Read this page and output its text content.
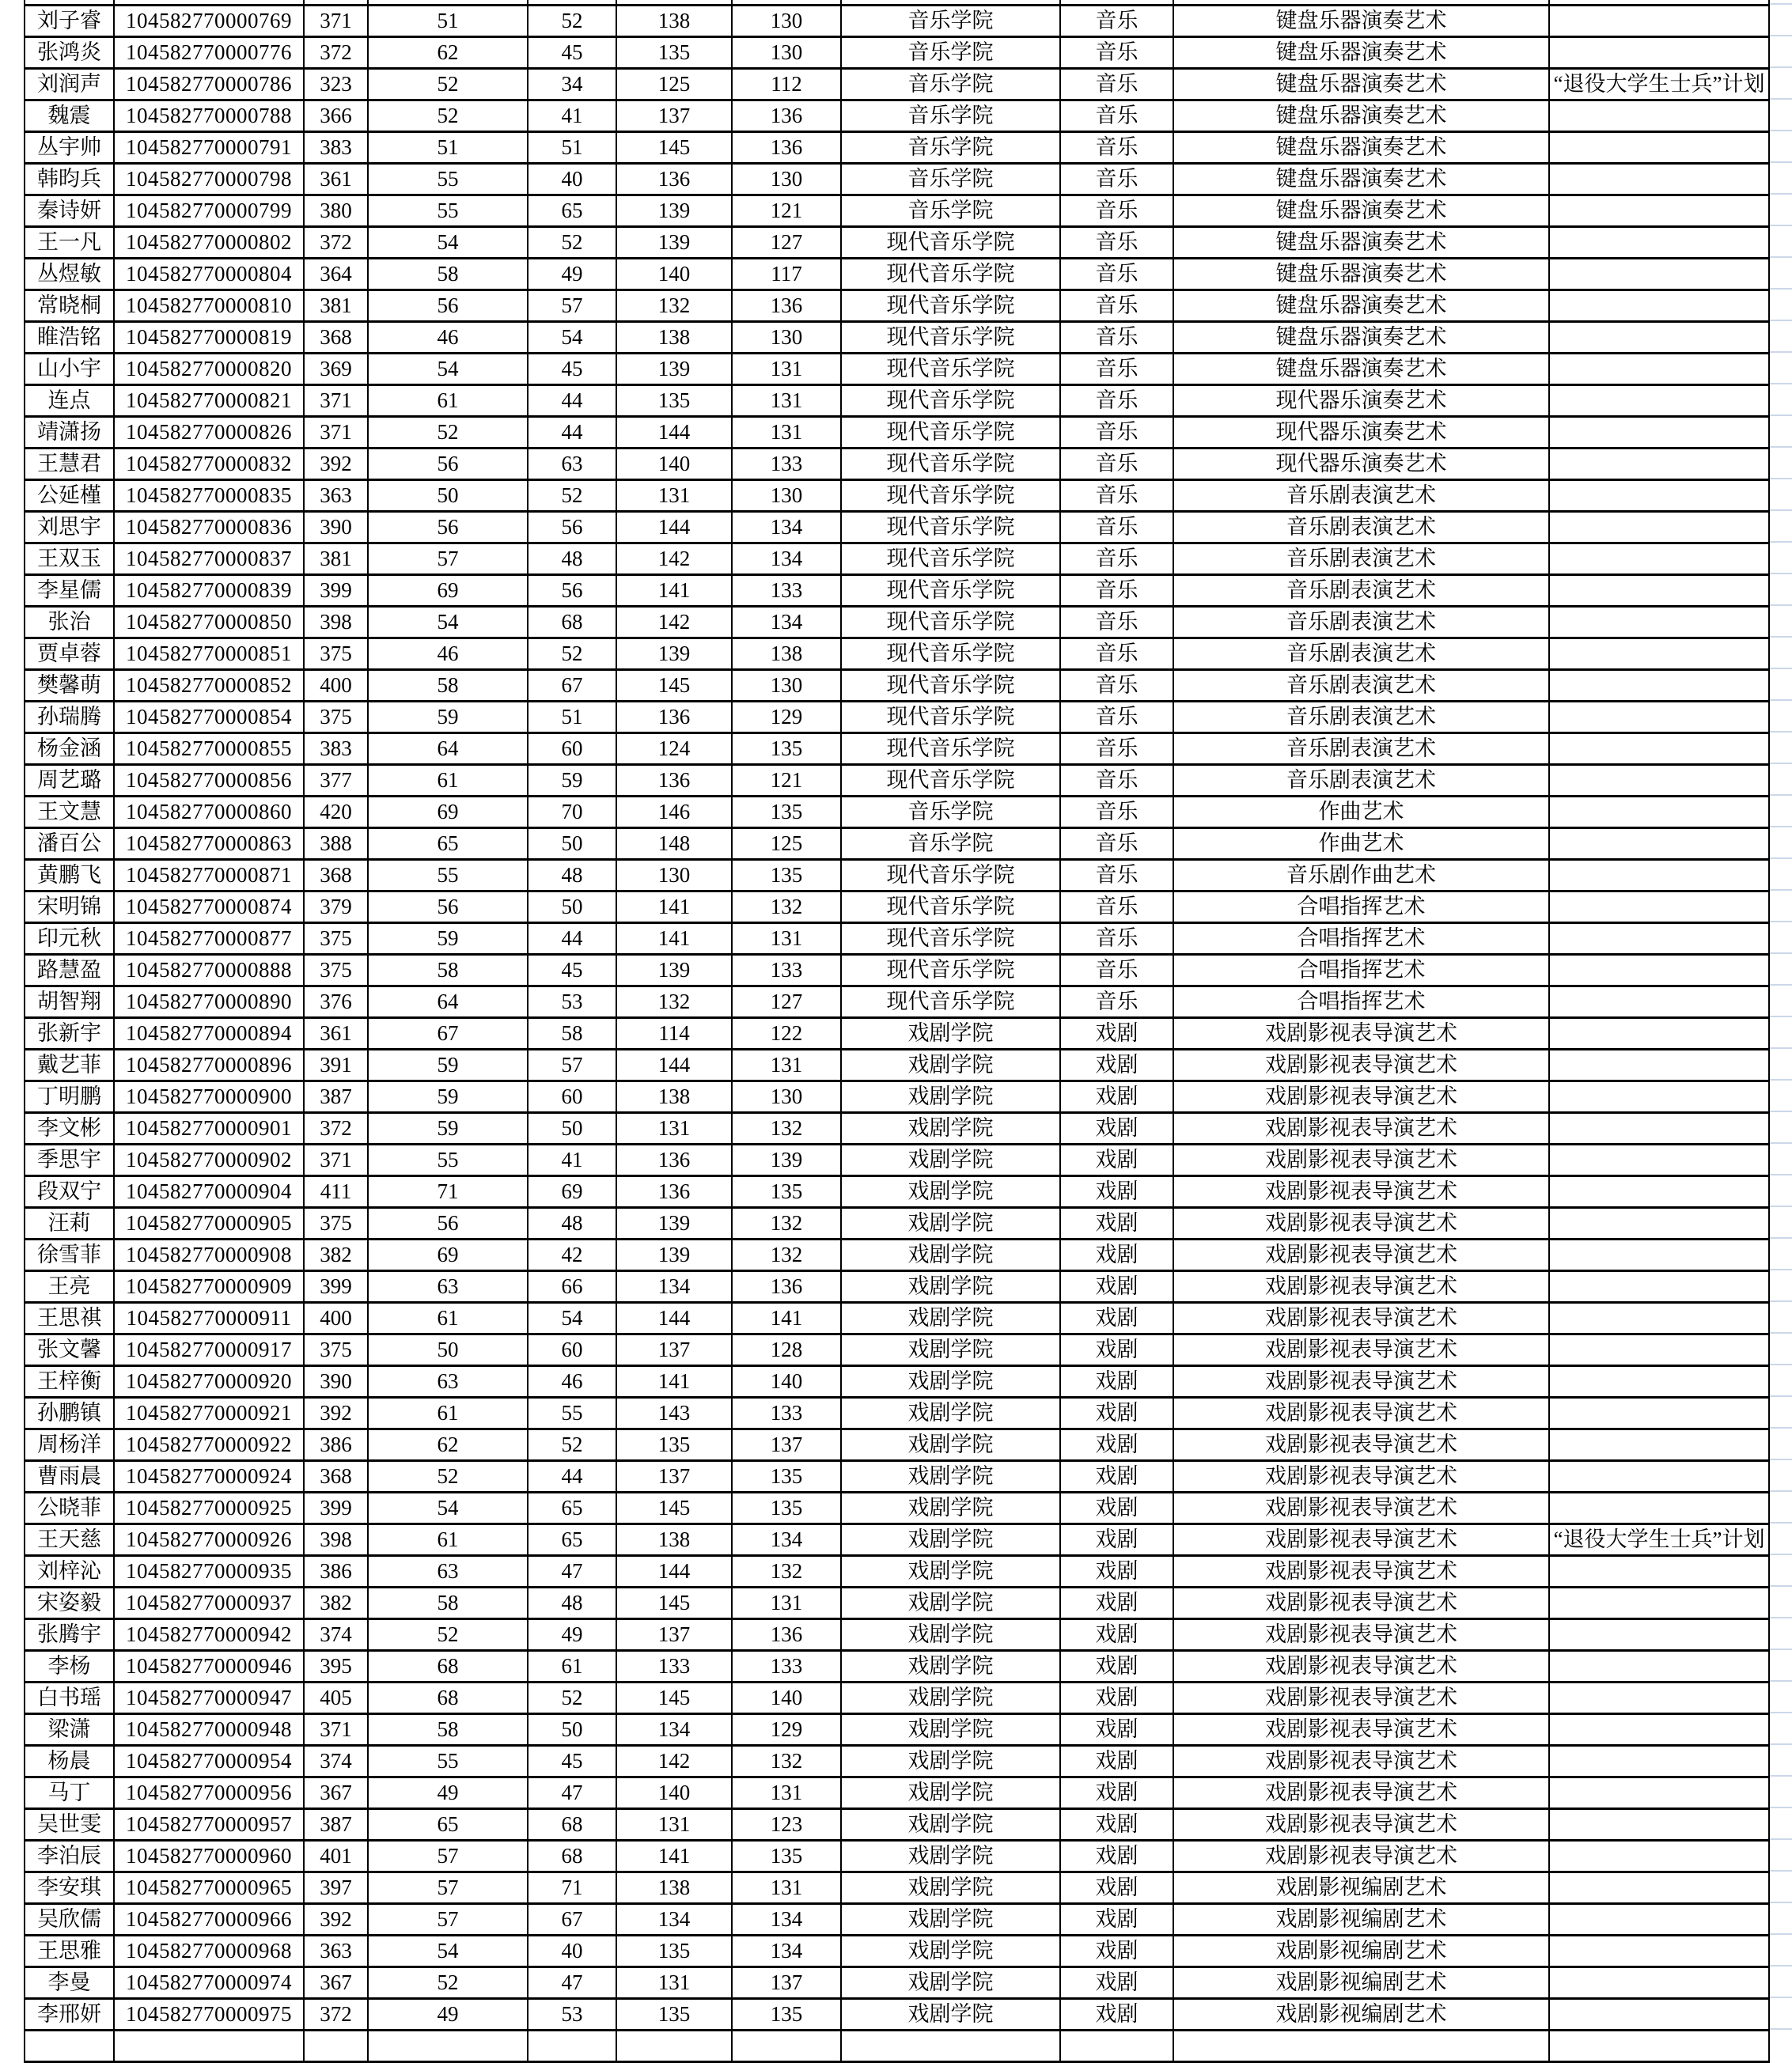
刘子睿	104582770000769	371	51	52	138	130	音乐学院	音乐	键盘乐器演奏艺术	
张鸿炎	104582770000776	372	62	45	135	130	音乐学院	音乐	键盘乐器演奏艺术	
刘润声	104582770000786	323	52	34	125	112	音乐学院	音乐	键盘乐器演奏艺术	“退役大学生士兵”计划
魏震	104582770000788	366	52	41	137	136	音乐学院	音乐	键盘乐器演奏艺术	
丛宇帅	104582770000791	383	51	51	145	136	音乐学院	音乐	键盘乐器演奏艺术	
韩昀兵	104582770000798	361	55	40	136	130	音乐学院	音乐	键盘乐器演奏艺术	
秦诗妍	104582770000799	380	55	65	139	121	音乐学院	音乐	键盘乐器演奏艺术	
王一凡	104582770000802	372	54	52	139	127	现代音乐学院	音乐	键盘乐器演奏艺术	
丛煜敏	104582770000804	364	58	49	140	117	现代音乐学院	音乐	键盘乐器演奏艺术	
常晓桐	104582770000810	381	56	57	132	136	现代音乐学院	音乐	键盘乐器演奏艺术	
睢浩铭	104582770000819	368	46	54	138	130	现代音乐学院	音乐	键盘乐器演奏艺术	
山小宇	104582770000820	369	54	45	139	131	现代音乐学院	音乐	键盘乐器演奏艺术	
连点	104582770000821	371	61	44	135	131	现代音乐学院	音乐	现代器乐演奏艺术	
靖潇扬	104582770000826	371	52	44	144	131	现代音乐学院	音乐	现代器乐演奏艺术	
王慧君	104582770000832	392	56	63	140	133	现代音乐学院	音乐	现代器乐演奏艺术	
公延槿	104582770000835	363	50	52	131	130	现代音乐学院	音乐	音乐剧表演艺术	
刘思宇	104582770000836	390	56	56	144	134	现代音乐学院	音乐	音乐剧表演艺术	
王双玉	104582770000837	381	57	48	142	134	现代音乐学院	音乐	音乐剧表演艺术	
李星儒	104582770000839	399	69	56	141	133	现代音乐学院	音乐	音乐剧表演艺术	
张治	104582770000850	398	54	68	142	134	现代音乐学院	音乐	音乐剧表演艺术	
贾卓蓉	104582770000851	375	46	52	139	138	现代音乐学院	音乐	音乐剧表演艺术	
樊馨萌	104582770000852	400	58	67	145	130	现代音乐学院	音乐	音乐剧表演艺术	
孙瑞腾	104582770000854	375	59	51	136	129	现代音乐学院	音乐	音乐剧表演艺术	
杨金涵	104582770000855	383	64	60	124	135	现代音乐学院	音乐	音乐剧表演艺术	
周艺璐	104582770000856	377	61	59	136	121	现代音乐学院	音乐	音乐剧表演艺术	
王文慧	104582770000860	420	69	70	146	135	音乐学院	音乐	作曲艺术	
潘百公	104582770000863	388	65	50	148	125	音乐学院	音乐	作曲艺术	
黄鹏飞	104582770000871	368	55	48	130	135	现代音乐学院	音乐	音乐剧作曲艺术	
宋明锦	104582770000874	379	56	50	141	132	现代音乐学院	音乐	合唱指挥艺术	
印元秋	104582770000877	375	59	44	141	131	现代音乐学院	音乐	合唱指挥艺术	
路慧盈	104582770000888	375	58	45	139	133	现代音乐学院	音乐	合唱指挥艺术	
胡智翔	104582770000890	376	64	53	132	127	现代音乐学院	音乐	合唱指挥艺术	
张新宇	104582770000894	361	67	58	114	122	戏剧学院	戏剧	戏剧影视表导演艺术	
戴艺菲	104582770000896	391	59	57	144	131	戏剧学院	戏剧	戏剧影视表导演艺术	
丁明鹏	104582770000900	387	59	60	138	130	戏剧学院	戏剧	戏剧影视表导演艺术	
李文彬	104582770000901	372	59	50	131	132	戏剧学院	戏剧	戏剧影视表导演艺术	
季思宇	104582770000902	371	55	41	136	139	戏剧学院	戏剧	戏剧影视表导演艺术	
段双宁	104582770000904	411	71	69	136	135	戏剧学院	戏剧	戏剧影视表导演艺术	
汪莉	104582770000905	375	56	48	139	132	戏剧学院	戏剧	戏剧影视表导演艺术	
徐雪菲	104582770000908	382	69	42	139	132	戏剧学院	戏剧	戏剧影视表导演艺术	
王亮	104582770000909	399	63	66	134	136	戏剧学院	戏剧	戏剧影视表导演艺术	
王思祺	104582770000911	400	61	54	144	141	戏剧学院	戏剧	戏剧影视表导演艺术	
张文馨	104582770000917	375	50	60	137	128	戏剧学院	戏剧	戏剧影视表导演艺术	
王梓衡	104582770000920	390	63	46	141	140	戏剧学院	戏剧	戏剧影视表导演艺术	
孙鹏镇	104582770000921	392	61	55	143	133	戏剧学院	戏剧	戏剧影视表导演艺术	
周杨洋	104582770000922	386	62	52	135	137	戏剧学院	戏剧	戏剧影视表导演艺术	
曹雨晨	104582770000924	368	52	44	137	135	戏剧学院	戏剧	戏剧影视表导演艺术	
公晓菲	104582770000925	399	54	65	145	135	戏剧学院	戏剧	戏剧影视表导演艺术	
王天慈	104582770000926	398	61	65	138	134	戏剧学院	戏剧	戏剧影视表导演艺术	“退役大学生士兵”计划
刘梓沁	104582770000935	386	63	47	144	132	戏剧学院	戏剧	戏剧影视表导演艺术	
宋姿毅	104582770000937	382	58	48	145	131	戏剧学院	戏剧	戏剧影视表导演艺术	
张腾宇	104582770000942	374	52	49	137	136	戏剧学院	戏剧	戏剧影视表导演艺术	
李杨	104582770000946	395	68	61	133	133	戏剧学院	戏剧	戏剧影视表导演艺术	
白书瑶	104582770000947	405	68	52	145	140	戏剧学院	戏剧	戏剧影视表导演艺术	
梁潇	104582770000948	371	58	50	134	129	戏剧学院	戏剧	戏剧影视表导演艺术	
杨晨	104582770000954	374	55	45	142	132	戏剧学院	戏剧	戏剧影视表导演艺术	
马丁	104582770000956	367	49	47	140	131	戏剧学院	戏剧	戏剧影视表导演艺术	
吴世雯	104582770000957	387	65	68	131	123	戏剧学院	戏剧	戏剧影视表导演艺术	
李泊辰	104582770000960	401	57	68	141	135	戏剧学院	戏剧	戏剧影视表导演艺术	
李安琪	104582770000965	397	57	71	138	131	戏剧学院	戏剧	戏剧影视编剧艺术	
吴欣儒	104582770000966	392	57	67	134	134	戏剧学院	戏剧	戏剧影视编剧艺术	
王思雅	104582770000968	363	54	40	135	134	戏剧学院	戏剧	戏剧影视编剧艺术	
李曼	104582770000974	367	52	47	131	137	戏剧学院	戏剧	戏剧影视编剧艺术	
李邢妍	104582770000975	372	49	53	135	135	戏剧学院	戏剧	戏剧影视编剧艺术	
